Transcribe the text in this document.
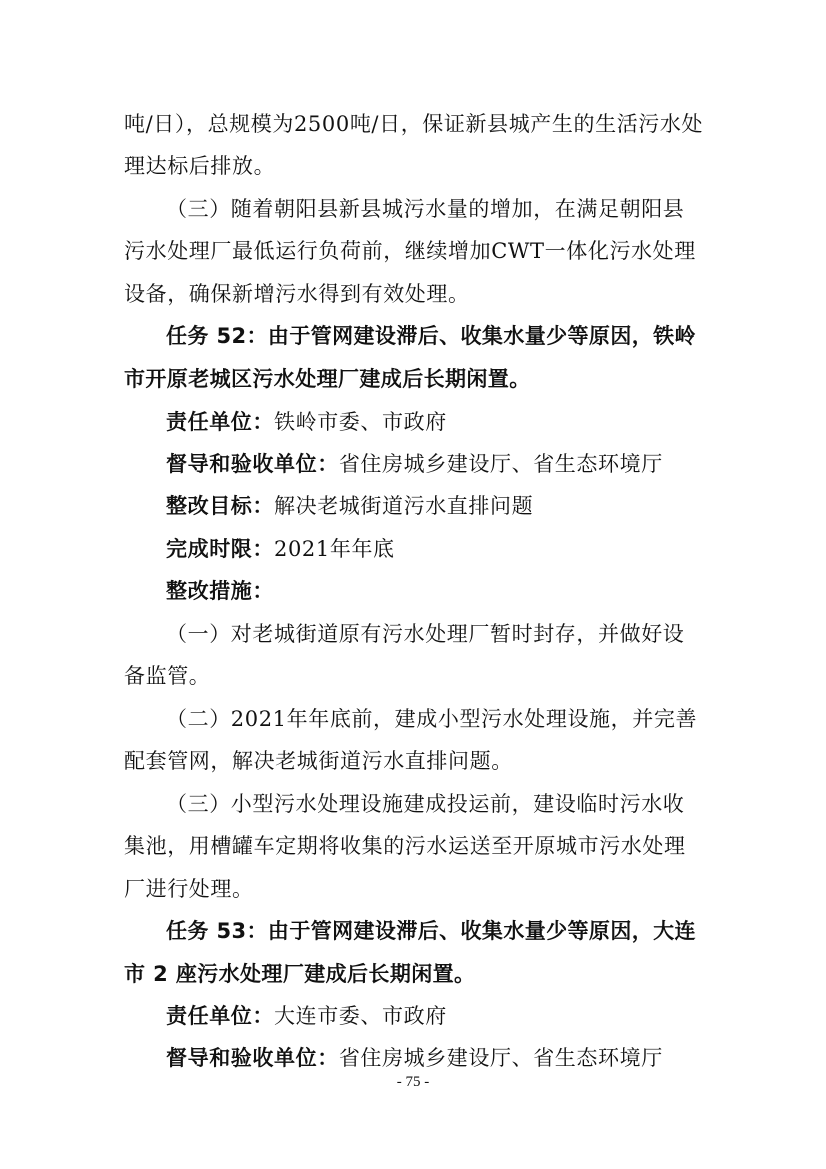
吨/日），总规模为2500吨/日，保证新县城产生的生活污水处
理达标后排放。
（三）随着朝阳县新县城污水量的增加，在满足朝阳县
污水处理厂最低运行负荷前，继续增加CWT一体化污水处理
设备，确保新增污水得到有效处理。
任务 52：由于管网建设滞后、收集水量少等原因，铁岭
市开原老城区污水处理厂建成后长期闲置。
责任单位：铁岭市委、市政府
督导和验收单位：省住房城乡建设厅、省生态环境厅
整改目标：解决老城街道污水直排问题
完成时限：2021年年底
整改措施：
（一）对老城街道原有污水处理厂暂时封存，并做好设
备监管。
（二）2021年年底前，建成小型污水处理设施，并完善
配套管网，解决老城街道污水直排问题。
（三）小型污水处理设施建成投运前，建设临时污水收
集池，用槽罐车定期将收集的污水运送至开原城市污水处理
厂进行处理。
任务 53：由于管网建设滞后、收集水量少等原因，大连
市 2 座污水处理厂建成后长期闲置。
责任单位：大连市委、市政府
督导和验收单位：省住房城乡建设厅、省生态环境厅
- 75 -
